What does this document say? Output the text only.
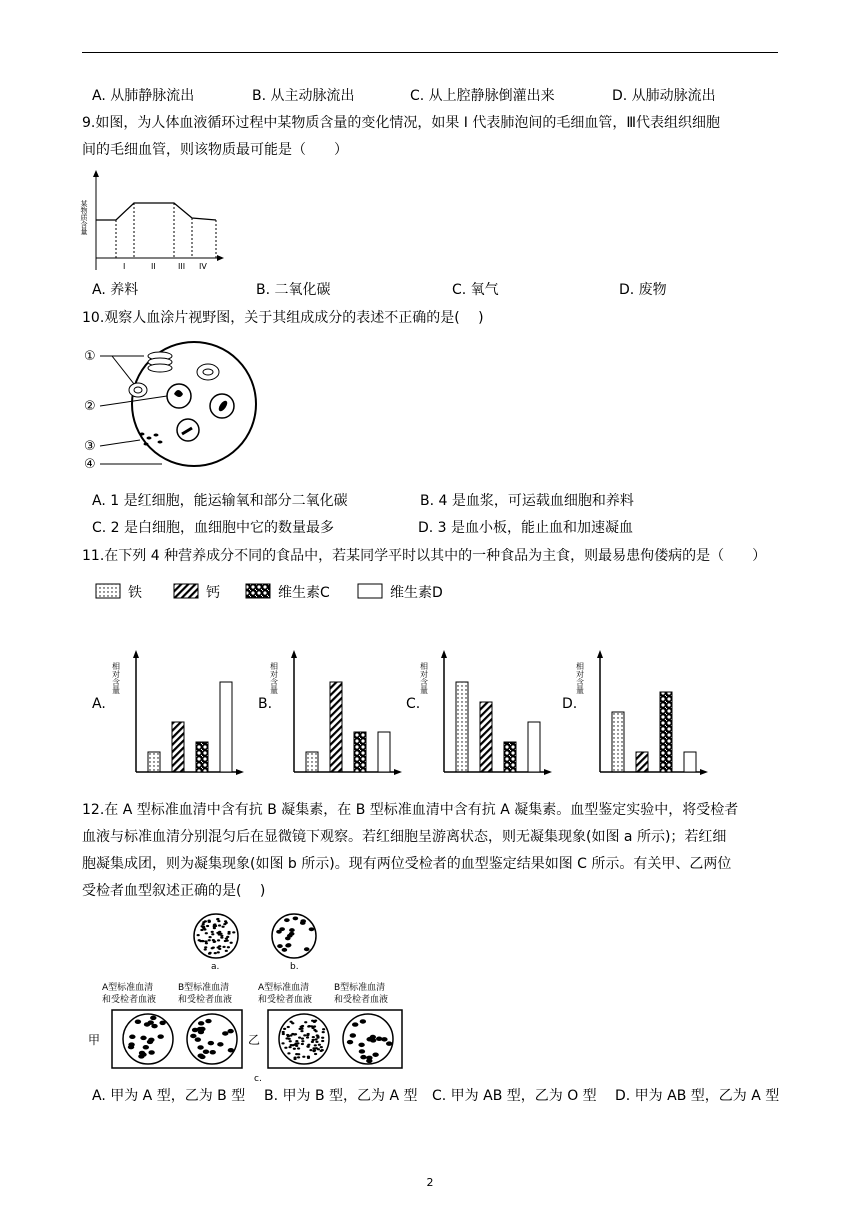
A. 从肺静脉流出	B. 从主动脉流出	C. 从上腔静脉倒灌出来	D. 从肺动脉流出
9.如图，为人体血液循环过程中某物质含量的变化情况，如果 I 代表肺泡间的毛细血管，Ⅲ代表组织细胞
间的毛细血管，则该物质最可能是（　　）
某物质含量
I	II	III IV
A. 养料	B. 二氧化碳	C. 氧气	D. 废物
10.观察人血涂片视野图，关于其组成成分的表述不正确的是(　 )
①
②
③
④
A. 1 是红细胞，能运输氧和部分二氧化碳	B. 4 是血浆，可运载血细胞和养料
C. 2 是白细胞，血细胞中它的数量最多	D. 3 是血小板，能止血和加速凝血
11.在下列 4 种营养成分不同的食品中，若某同学平时以其中的一种食品为主食，则最易患佝偻病的是（　　）
铁	钙	维生素C	维生素D
A.	B.	C.	D.
相对含量	相对含量	相对含量	相对含量
12.在 A 型标准血清中含有抗 B 凝集素，在 B 型标准血清中含有抗 A 凝集素。血型鉴定实验中，将受检者
血液与标准血清分别混匀后在显微镜下观察。若红细胞呈游离状态，则无凝集现象(如图 a 所示)；若红细
胞凝集成团，则为凝集现象(如图 b 所示)。现有两位受检者的血型鉴定结果如图 C 所示。有关甲、乙两位
受检者血型叙述正确的是(　 )
a.	b.
A型标准血清
和受检者血液
B型标准血清
和受检者血液
A型标准血清
和受检者血液
B型标准血清
和受检者血液
甲	乙
c.
A. 甲为 A 型，乙为 B 型 B. 甲为 B 型，乙为 A 型 C. 甲为 AB 型，乙为 O 型 D. 甲为 AB 型，乙为 A 型
2
